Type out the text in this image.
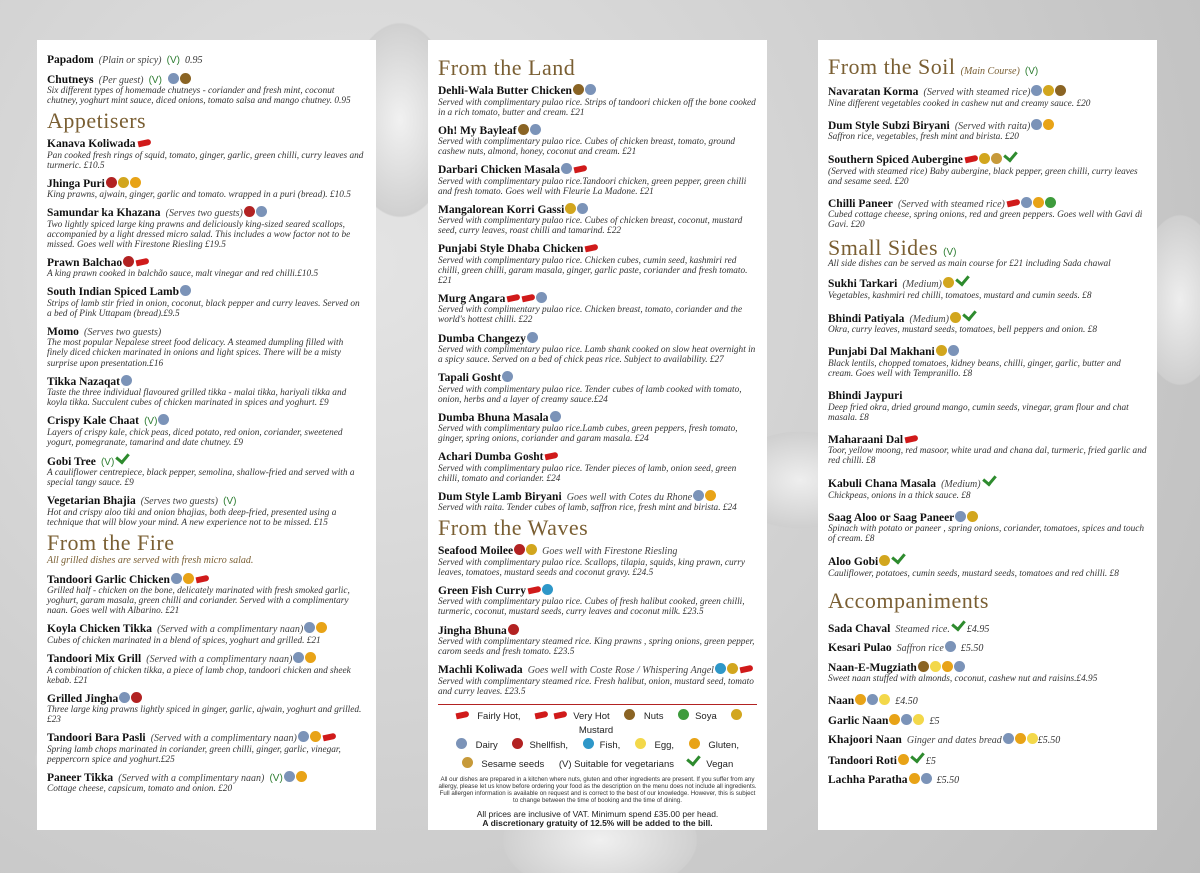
Papadom (Plain or spicy) (V) 0.95
Chutneys (Per guest) (V)
Six different types of homemade chutneys - coriander and fresh mint, coconut chutney, yoghurt mint sauce, diced onions, tomato salsa and mango chutney. 0.95
Appetisers
Kanava Koliwada
Pan cooked fresh rings of squid, tomato, ginger, garlic, green chilli, curry leaves and turmeric. £10.5
Jhinga Puri
King prawns, ajwain, ginger, garlic and tomato. wrapped in a puri (bread). £10.5
Samundar ka Khazana (Serves two guests)
Two lightly spiced large king prawns and deliciously king-sized seared scallops, accompanied by a light dressed micro salad. This includes a wow factor not to be missed. Goes well with Firestone Riesling £19.5
Prawn Balchao
A king prawn cooked in balchão sauce, malt vinegar and red chilli.£10.5
South Indian Spiced Lamb
Strips of lamb stir fried in onion, coconut, black pepper and curry leaves. Served on a bed of Pink Uttapam (bread).£9.5
Momo (Serves two guests)
The most popular Nepalese street food delicacy. A steamed dumpling filled with finely diced chicken marinated in onions and light spices. There will be a misty surprise upon presentation.£16
Tikka Nazaqat
Taste the three individual flavoured grilled tikka - malai tikka, hariyali tikka and koyla tikka. Succulent cubes of chicken marinated in spices and yoghurt. £9
Crispy Kale Chaat (V)
Layers of crispy kale, chick peas, diced potato, red onion, coriander, sweetened yogurt, pomegranate, tamarind and date chutney. £9
Gobi Tree (V)
A cauliflower centrepiece, black pepper, semolina, shallow-fried and served with a special tangy sauce. £9
Vegetarian Bhajia (Serves two guests) (V)
Hot and crispy aloo tiki and onion bhajias, both deep-fried, presented using a technique that will blow your mind. A new experience not to be missed. £15
From the Fire
All grilled dishes are served with fresh micro salad.
Tandoori Garlic Chicken
Grilled half - chicken on the bone, delicately marinated with fresh smoked garlic, yoghurt, garam masala, green chilli and coriander. Served with a complimentary naan. Goes well with Albarino. £21
Koyla Chicken Tikka (Served with a complimentary naan)
Cubes of chicken marinated in a blend of spices, yoghurt and grilled. £21
Tandoori Mix Grill (Served with a complimentary naan)
A combination of chicken tikka, a piece of lamb chop, tandoori chicken and sheek kebab. £21
Grilled Jingha
Three large king prawns lightly spiced in ginger, garlic, ajwain, yoghurt and grilled. £23
Tandoori Bara Pasli (Served with a complimentary naan)
Spring lamb chops marinated in coriander, green chilli, ginger, garlic, vinegar, peppercorn spice and yoghurt.£25
Paneer Tikka (Served with a complimentary naan) (V)
Cottage cheese, capsicum, tomato and onion. £20
From the Land
Dehli-Wala Butter Chicken
Served with complimentary pulao rice. Strips of tandoori chicken off the bone cooked in a rich tomato, butter and cream. £21
Oh! My Bayleaf
Served with complimentary pulao rice. Cubes of chicken breast, tomato, ground cashew nuts, almond, honey, coconut and cream. £21
Darbari Chicken Masala
Served with complimentary pulao rice.Tandoori chicken, green pepper, green chilli and fresh tomato. Goes well with Fleurie La Madone. £21
Mangalorean Korri Gassi
Served with complimentary pulao rice. Cubes of chicken breast, coconut, mustard seed, curry leaves, roast chilli and tamarind. £22
Punjabi Style Dhaba Chicken
Served with complimentary pulao rice. Chicken cubes, cumin seed, kashmiri red chilli, green chilli, garam masala, ginger, garlic paste, coriander and fresh tomato. £21
Murg Angara
Served with complimentary pulao rice. Chicken breast, tomato, coriander and the world's hottest chilli. £22
Dumba Changezy
Served with complimentary pulao rice. Lamb shank cooked on slow heat overnight in a spicy sauce. Served on a bed of chick peas rice. Subject to availability. £27
Tapali Gosht
Served with complimentary pulao rice. Tender cubes of lamb cooked with tomato, onion, herbs and a layer of creamy sauce.£24
Dumba Bhuna Masala
Served with complimentary pulao rice.Lamb cubes, green peppers, fresh tomato, ginger, spring onions, coriander and garam masala. £24
Achari Dumba Gosht
Served with complimentary pulao rice. Tender pieces of lamb, onion seed, green chilli, tomato and coriander. £24
Dum Style Lamb Biryani Goes well with Cotes du Rhone
Served with raita. Tender cubes of lamb, saffron rice, fresh mint and birista. £24
From the Waves
Seafood Moilee	Goes well with Firestone Riesling
Served with complimentary pulao rice. Scallops, tilapia, squids, king prawn, curry leaves, tomatoes, mustard seeds and coconut gravy. £24.5
Green Fish Curry
Served with complimentary pulao rice. Cubes of fresh halibut cooked, green chilli, turmeric, coconut, mustard seeds, curry leaves and coconut milk. £23.5
Jingha Bhuna
Served with complimentary steamed rice. King prawns , spring onions, green pepper, carom seeds and fresh tomato. £23.5
Machli Koliwada Goes well with Coste Rose / Whispering Angel
Served with complimentary steamed rice. Fresh halibut, onion, mustard seed, tomato and curry leaves. £23.5
Fairly Hot,	Very Hot	Nuts	Soya  Mustard
Dairy	Shellfish,	Fish,	Egg,	Gluten,
Sesame seeds (V) Suitable for vegetarians	Vegan
All our dishes are prepared in a kitchen where nuts, gluten and other ingredients are present. If you suffer from any allergy, please let us know before ordering your food as the description on the menu does not include all ingredients. Full allergen information is available on request and is correct to the best of our knowledge. However, this is subject to change between the time of booking and the time of dining.
All prices are inclusive of VAT. Minimum spend £35.00 per head.
A discretionary gratuity of 12.5% will be added to the bill.
From the Soil (Main Course) (V)
Navaratan Korma (Served with steamed rice)
Nine different vegetables cooked in cashew nut and creamy sauce. £20
Dum Style Subzi Biryani (Served with raita)
Saffron rice, vegetables, fresh mint and birista. £20
Southern Spiced Aubergine
(Served with steamed rice) Baby aubergine, black pepper, green chilli, curry leaves and sesame seed. £20
Chilli Paneer (Served with steamed rice)
Cubed cottage cheese, spring onions, red and green peppers. Goes well with Gavi di Gavi. £20
Small Sides (V)
All side dishes can be served as main course for £21 including Sada chawal
Sukhi Tarkari (Medium)
Vegetables, kashmiri red chilli, tomatoes, mustard and cumin seeds. £8
Bhindi Patiyala (Medium)
Okra, curry leaves, mustard seeds, tomatoes, bell peppers and onion. £8
Punjabi Dal Makhani
Black lentils, chopped tomatoes, kidney beans, chilli, ginger, garlic, butter and cream. Goes well with Tempranillo. £8
Bhindi Jaypuri
Deep fried okra, dried ground mango, cumin seeds, vinegar, gram flour and chat masala. £8
Maharaani Dal
Toor, yellow moong, red masoor, white urad and chana dal, turmeric, fried garlic and red chilli. £8
Kabuli Chana Masala (Medium)
Chickpeas, onions in a thick sauce. £8
Saag Aloo or Saag Paneer
Spinach with potato or paneer , spring onions, coriander, tomatoes, spices and touch of cream. £8
Aloo Gobi
Cauliflower, potatoes, cumin seeds, mustard seeds, tomatoes and red chilli. £8
Accompaniments
Sada Chaval Steamed rice. £4.95
Kesari Pulao Saffron rice £5.50
Naan-E-Mugziath
Sweet naan stuffed with almonds, coconut, cashew nut and raisins.£4.95
Naan	£4.50
Garlic Naan	£5
Khajoori Naan Ginger and dates bread	£5.50
Tandoori Roti	£5
Lachha Paratha	£5.50
